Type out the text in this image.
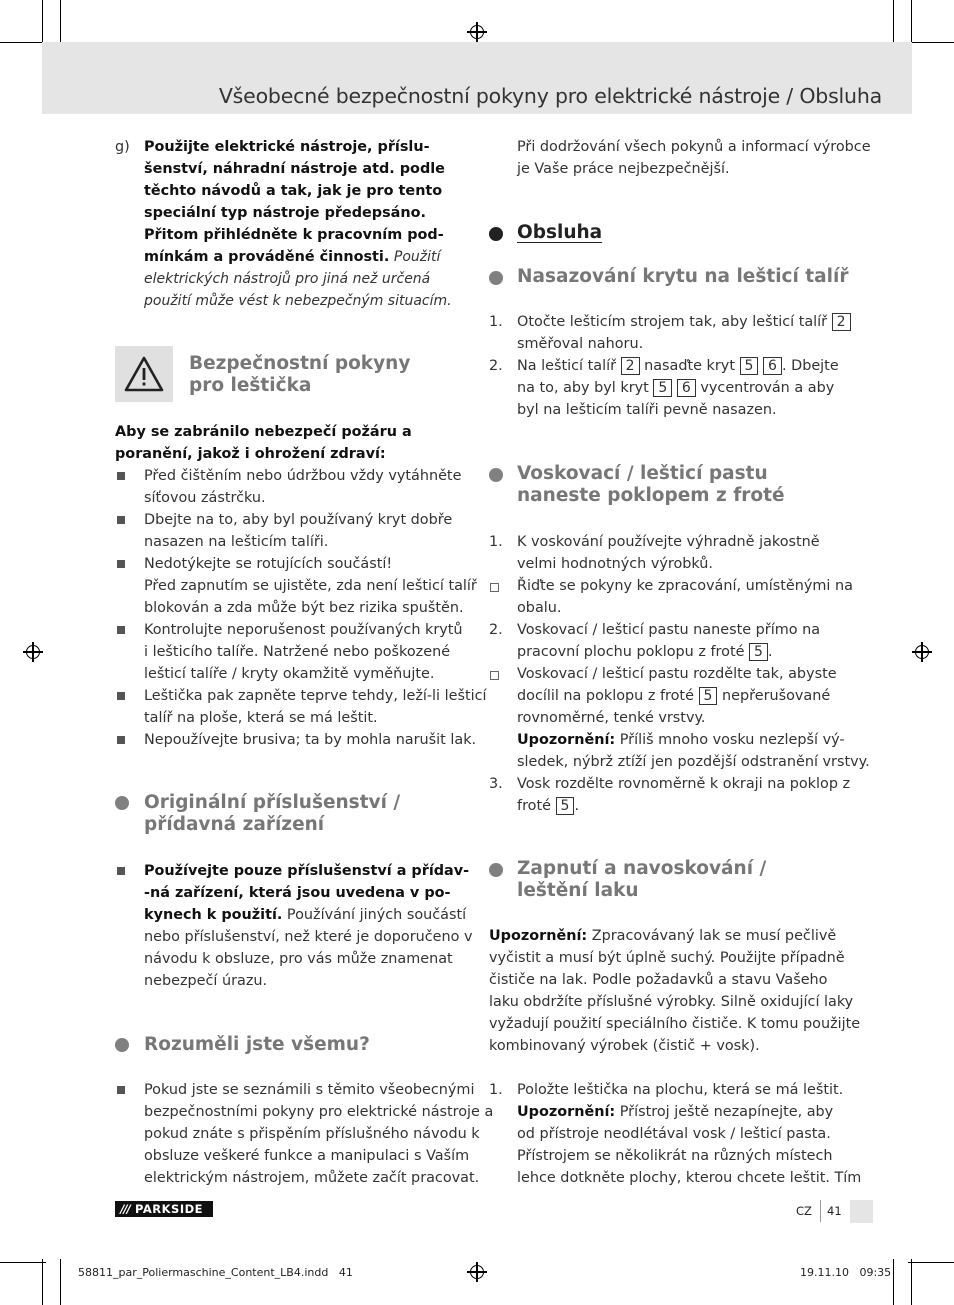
Všeobecné bezpečnostní pokyny pro elektrické nástroje / Obsluha
g) Použijte elektrické nástroje, příslu-
šenství, náhradní nástroje atd. podle
těchto návodů a tak, jak je pro tento
speciální typ nástroje předepsáno.
Přitom přihlédněte k pracovním pod-
mínkám a prováděné činnosti. Použití
elektrických nástrojů pro jiná než určená
použití může vést k nebezpečným situacím.
Bezpečnostní pokyny
pro leštička
Aby se zabránilo nebezpečí požáru a
poranění, jakož i ohrožení zdraví:
Před čištěním nebo údržbou vždy vytáhněte
síťovou zástrčku.
Dbejte na to, aby byl používaný kryt dobře
nasazen na lešticím talíři.
Nedotýkejte se rotujících součástí!
Před zapnutím se ujistěte, zda není lešticí talíř
blokován a zda může být bez rizika spuštěn.
Kontrolujte neporušenost používaných krytů
i lešticího talíře. Natržené nebo poškozené
lešticí talíře / kryty okamžitě vyměňujte.
Leštička pak zapněte teprve tehdy, leží-li lešticí
talíř na ploše, která se má leštit.
Nepoužívejte brusiva; ta by mohla narušit lak.
Originální příslušenství /
přídavná zařízení
Používejte pouze příslušenství a přídav-
-ná zařízení, která jsou uvedena v po-
kynech k použití. Používání jiných součástí
nebo příslušenství, než které je doporučeno v
návodu k obsluze, pro vás může znamenat
nebezpečí úrazu.
Rozuměli jste všemu?
Pokud jste se seznámili s těmito všeobecnými
bezpečnostními pokyny pro elektrické nástroje a
pokud znáte s přispěním příslušného návodu k
obsluze veškeré funkce a manipulaci s Vaším
elektrickým nástrojem, můžete začít pracovat.
Při dodržování všech pokynů a informací výrobce
je Vaše práce nejbezpečnější.
Obsluha
Nasazování krytu na lešticí talíř
1. Otočte lešticím strojem tak, aby lešticí talíř 2
směřoval nahoru.
2. Na lešticí talíř 2 nasaďte kryt 5 6 . Dbejte
na to, aby byl kryt 5 6 vycentrován a aby
byl na lešticím talíři pevně nasazen.
Voskovací / lešticí pastu
naneste poklopem z froté
1. K voskování používejte výhradně jakostně
velmi hodnotných výrobků.
Řiďte se pokyny ke zpracování, umístěnými na
obalu.
2. Voskovací / lešticí pastu naneste přímo na
pracovní plochu poklopu z froté 5 .
Voskovací / lešticí pastu rozdělte tak, abyste
docílil na poklopu z froté 5 nepřerušované
rovnoměrné, tenké vrstvy.
Upozornění: Příliš mnoho vosku nezlepší vý-
sledek, nýbrž ztíží jen pozdější odstranění vrstvy.
3. Vosk rozdělte rovnoměrně k okraji na poklop z
froté 5 .
Zapnutí a navoskování /
leštění laku
Upozornění: Zpracovávaný lak se musí pečlivě
vyčistit a musí být úplně suchý. Použijte případně
čističe na lak. Podle požadavků a stavu Vašeho
laku obdržíte příslušné výrobky. Silně oxidující laky
vyžadují použití speciálního čističe. K tomu použijte
kombinovaný výrobek (čistič + vosk).
1. Položte leštička na plochu, která se má leštit.
Upozornění: Přístroj ještě nezapínejte, aby
od přístroje neodlétával vosk / lešticí pasta.
Přístrojem se několikrát na různých místech
lehce dotkněte plochy, kterou chcete leštit. Tím
/// PARKSIDE	CZ 41
58811_par_Poliermaschine_Content_LB4.indd   41	19.11.10   09:35
